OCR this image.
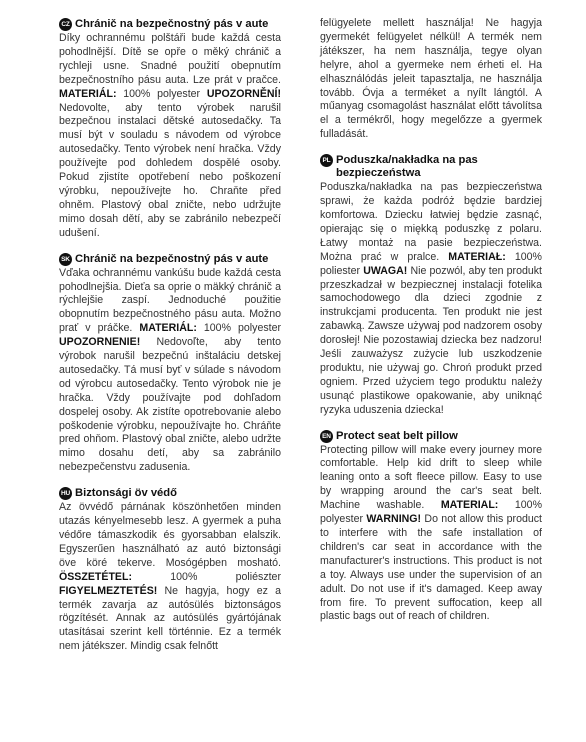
CZ Chránič na bezpečnostný pás v aute

Díky ochrannému polštáři bude každá cesta pohodlnější. Dítě se opře o měký chránič a rychleji usne. Snadné použití obepnutím bezpečnostního pásu auta. Lze prát v pračce. MATERIÁL: 100% polyester UPOZORNĚNÍ! Nedovolte, aby tento výrobek narušil bezpečnou instalaci dětské autosedačky. Ta musí být v souladu s návodem od výrobce autosedačky. Tento výrobek není hračka. Vždy používejte pod dohledem dospělé osoby. Pokud zjistíte opotřebení nebo poškození výrobku, nepoužívejte ho. Chraňte před ohněm. Plastový obal zničte, nebo udržujte mimo dosah dětí, aby se zabránilo nebezpečí udušení.

SK Chránič na bezpečnostný pás v aute

Vďaka ochrannému vankúšu bude každá cesta pohodlnejšia. Dieťa sa oprie o mäkký chránič a rýchlejšie zaspí. Jednoduché použitie obopnutím bezpečnostného pásu auta. Možno prať v práčke. MATERIÁL: 100% polyester UPOZORNENIE! Nedovoľte, aby tento výrobok narušil bezpečnú inštaláciu detskej autosedačky. Tá musí byť v súlade s návodom od výrobcu autosedačky. Tento výrobok nie je hračka. Vždy používajte pod dohľadom dospelej osoby. Ak zistíte opotrebovanie alebo poškodenie výrobku, nepoužívajte ho. Chráňte pred ohňom. Plastový obal zničte, alebo udržte mimo dosahu detí, aby sa zabránilo nebezpečenstvu zadusenia.

HU Biztonsági öv védő

Az övvédő párnának köszönhetően minden utazás kényelmesebb lesz. A gyermek a puha védőre támaszkodik és gyorsabban elalszik. Egyszerűen használható az autó biztonsági öve köré tekerve. Mosógépben mosható. ÖSSZETÉTEL:	100% poliészter FIGYELMEZTETÉS! Ne hagyja, hogy ez a termék zavarja az autósülés biztonságos rögzítését. Annak az autósülés gyártójának utasításai szerint kell történnie. Ez a termék nem játékszer. Mindig csak felnőtt

felügyelete mellett használja! Ne hagyja gyermekét felügyelet nélkül! A termék nem játékszer, ha nem használja, tegye olyan helyre, ahol a gyermeke nem érheti el. Ha elhasználódás jeleit tapasztalja, ne használja tovább. Óvja a terméket a nyílt lángtól. A műanyag csomagolást használat előtt távolítsa el a termékről, hogy megelőzze a gyermek fulladását.

PL Poduszka/nakładka na pas bezpieczeństwa

Poduszka/nakładka na pas bezpieczeństwa sprawi, że każda podróż będzie bardziej komfortowa. Dziecku łatwiej będzie zasnąć, opierając się o miękką poduszkę z polaru. Łatwy montaż na pasie bezpieczeństwa. Można prać w pralce. MATERIAŁ: 100% poliester UWAGA! Nie pozwól, aby ten produkt przeszkadzał w bezpiecznej instalacji fotelika samochodowego dla dzieci zgodnie z instrukcjami producenta. Ten produkt nie jest zabawką. Zawsze używaj pod nadzorem osoby dorosłej! Nie pozostawiaj dziecka bez nadzoru! Jeśli zauważysz zużycie lub uszkodzenie produktu, nie używaj go. Chroń produkt przed ogniem. Przed użyciem tego produktu należy usunąć plastikowe opakowanie, aby uniknąć ryzyka uduszenia dziecka!

EN Protect seat belt pillow

Protecting pillow will make every journey more comfortable. Help kid drift to sleep while leaning onto a soft fleece pillow. Easy to use by wrapping around the car's seat belt. Machine washable. MATERIAL: 100% polyester WARNING! Do not allow this product to interfere with the safe installation of children's car seat in accordance with the manufacturer's instructions. This product is not a toy. Always use under the supervision of an adult. Do not use if it's damaged. Keep away from fire. To prevent suffocation, keep all plastic bags out of reach of children.
